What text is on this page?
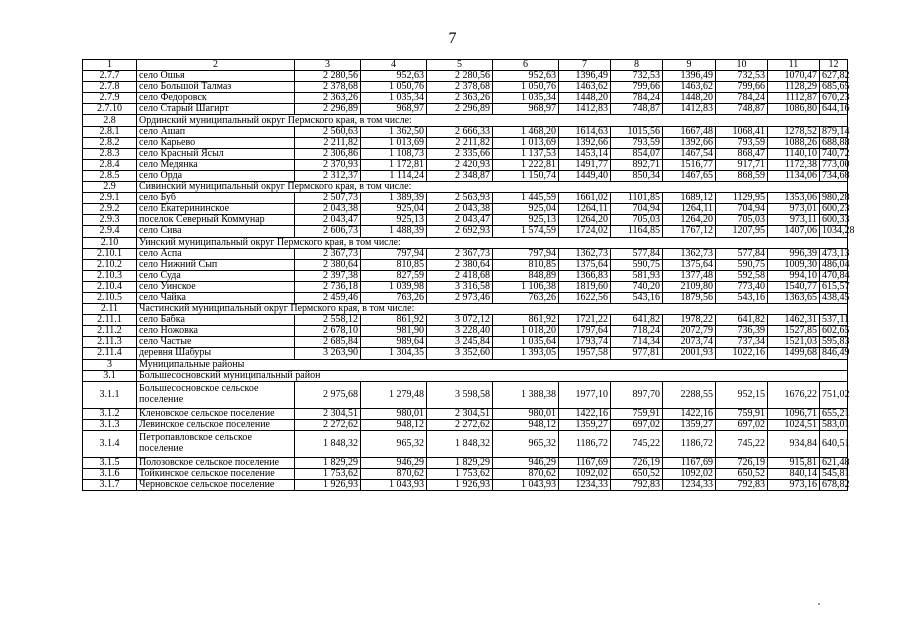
7
1	2	3	4	5	6	7	8	9	10	11	12
2.7.7	село Ошья	2 280,56	952,63	2 280,56	952,63	1396,49	732,53	1396,49	732,53	1070,47	627,82
2.7.8	село Большой Талмаз	2 378,68	1 050,76	2 378,68	1 050,76	1463,62	799,66	1463,62	799,66	1128,29	685,65
2.7.9	село Федоровск	2 363,26	1 035,34	2 363,26	1 035,34	1448,20	784,24	1448,20	784,24	1112,87	670,23
2.7.10	село Старый Шагирт	2 296,89	968,97	2 296,89	968,97	1412,83	748,87	1412,83	748,87	1086,80	644,16
2.8	Ординский муниципальный округ Пермского края, в том числе:										
2.8.1	село Ашап	2 560,63	1 362,50	2 666,33	1 468,20	1614,63	1015,56	1667,48	1068,41	1278,52	879,14
2.8.2	село Карьево	2 211,82	1 013,69	2 211,82	1 013,69	1392,66	793,59	1392,66	793,59	1088,26	688,88
2.8.3	село Красный Ясыл	2 306,86	1 108,73	2 335,66	1 137,53	1453,14	854,07	1467,54	868,47	1140,10	740,72
2.8.4	село Медянка	2 370,93	1 172,81	2 420,93	1 222,81	1491,77	892,71	1516,77	917,71	1172,38	773,00
2.8.5	село Орда	2 312,37	1 114,24	2 348,87	1 150,74	1449,40	850,34	1467,65	868,59	1134,06	734,68
2.9	Сивинский муниципальный округ Пермского края, в том числе:										
2.9.1	село Буб	2 507,73	1 389,39	2 563,93	1 445,59	1661,02	1101,85	1689,12	1129,95	1353,06	980,28
2.9.2	село Екатерининское	2 043,38	925,04	2 043,38	925,04	1264,11	704,94	1264,11	704,94	973,01	600,23
2.9.3	поселок Северный Коммунар	2 043,47	925,13	2 043,47	925,13	1264,20	705,03	1264,20	705,03	973,11	600,33
2.9.4	село Сива	2 606,73	1 488,39	2 692,93	1 574,59	1724,02	1164,85	1767,12	1207,95	1407,06	1034,28
2.10	Уинский муниципальный округ Пермского края, в том числе:										
2.10.1	село Аспа	2 367,73	797,94	2 367,73	797,94	1362,73	577,84	1362,73	577,84	996,39	473,13
2.10.2	село Нижний Сып	2 380,64	810,85	2 380,64	810,85	1375,64	590,75	1375,64	590,75	1009,30	486,04
2.10.3	село Суда	2 397,38	827,59	2 418,68	848,89	1366,83	581,93	1377,48	592,58	994,10	470,84
2.10.4	село Уинское	2 736,18	1 039,98	3 316,58	1 106,38	1819,60	740,20	2109,80	773,40	1540,77	615,57
2.10.5	село Чайка	2 459,46	763,26	2 973,46	763,26	1622,56	543,16	1879,56	543,16	1363,65	438,45
2.11	Частинский муниципальный округ Пермского края, в том числе:										
2.11.1	село Бабка	2 558,12	861,92	3 072,12	861,92	1721,22	641,82	1978,22	641,82	1462,31	537,11
2.11.2	село Ножовка	2 678,10	981,90	3 228,40	1 018,20	1797,64	718,24	2072,79	736,39	1527,85	602,65
2.11.3	село Частые	2 685,84	989,64	3 245,84	1 035,64	1793,74	714,34	2073,74	737,34	1521,03	595,83
2.11.4	деревня Шабуры	3 263,90	1 304,35	3 352,60	1 393,05	1957,58	977,81	2001,93	1022,16	1499,68	846,49
3	Муниципальные районы										
3.1	Большесосновский муниципальный район										
3.1.1	Большесосновское сельское поселение	2 975,68	1 279,48	3 598,58	1 388,38	1977,10	897,70	2288,55	952,15	1676,22	751,02
3.1.2	Кленовское сельское поселение	2 304,51	980,01	2 304,51	980,01	1422,16	759,91	1422,16	759,91	1096,71	655,21
3.1.3	Левинское сельское поселение	2 272,62	948,12	2 272,62	948,12	1359,27	697,02	1359,27	697,02	1024,51	583,01
3.1.4	Петропавловское сельское поселение	1 848,32	965,32	1 848,32	965,32	1186,72	745,22	1186,72	745,22	934,84	640,51
3.1.5	Полозовское сельское поселение	1 829,29	946,29	1 829,29	946,29	1167,69	726,19	1167,69	726,19	915,81	621,48
3.1.6	Тойкинское сельское поселение	1 753,62	870,62	1 753,62	870,62	1092,02	650,52	1092,02	650,52	840,14	545,81
3.1.7	Черновское сельское поселение	1 926,93	1 043,93	1 926,93	1 043,93	1234,33	792,83	1234,33	792,83	973,16	678,82
